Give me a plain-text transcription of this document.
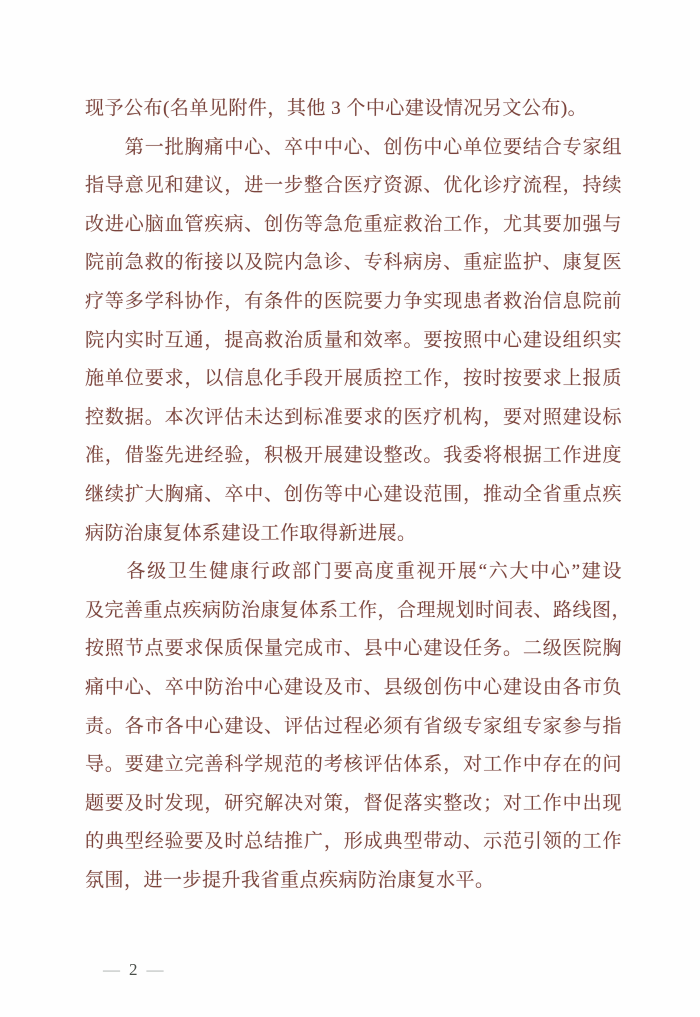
现予公布(名单见附件，其他 3 个中心建设情况另文公布)。
　　第一批胸痛中心、卒中中心、创伤中心单位要结合专家组
指导意见和建议，进一步整合医疗资源、优化诊疗流程，持续
改进心脑血管疾病、创伤等急危重症救治工作，尤其要加强与
院前急救的衔接以及院内急诊、专科病房、重症监护、康复医
疗等多学科协作，有条件的医院要力争实现患者救治信息院前
院内实时互通，提高救治质量和效率。要按照中心建设组织实
施单位要求，以信息化手段开展质控工作，按时按要求上报质
控数据。本次评估未达到标准要求的医疗机构，要对照建设标
准，借鉴先进经验，积极开展建设整改。我委将根据工作进度
继续扩大胸痛、卒中、创伤等中心建设范围，推动全省重点疾
病防治康复体系建设工作取得新进展。
　　各级卫生健康行政部门要高度重视开展“六大中心”建设
及完善重点疾病防治康复体系工作，合理规划时间表、路线图，
按照节点要求保质保量完成市、县中心建设任务。二级医院胸
痛中心、卒中防治中心建设及市、县级创伤中心建设由各市负
责。各市各中心建设、评估过程必须有省级专家组专家参与指
导。要建立完善科学规范的考核评估体系，对工作中存在的问
题要及时发现，研究解决对策，督促落实整改；对工作中出现
的典型经验要及时总结推广，形成典型带动、示范引领的工作
氛围，进一步提升我省重点疾病防治康复水平。
— 2 —
